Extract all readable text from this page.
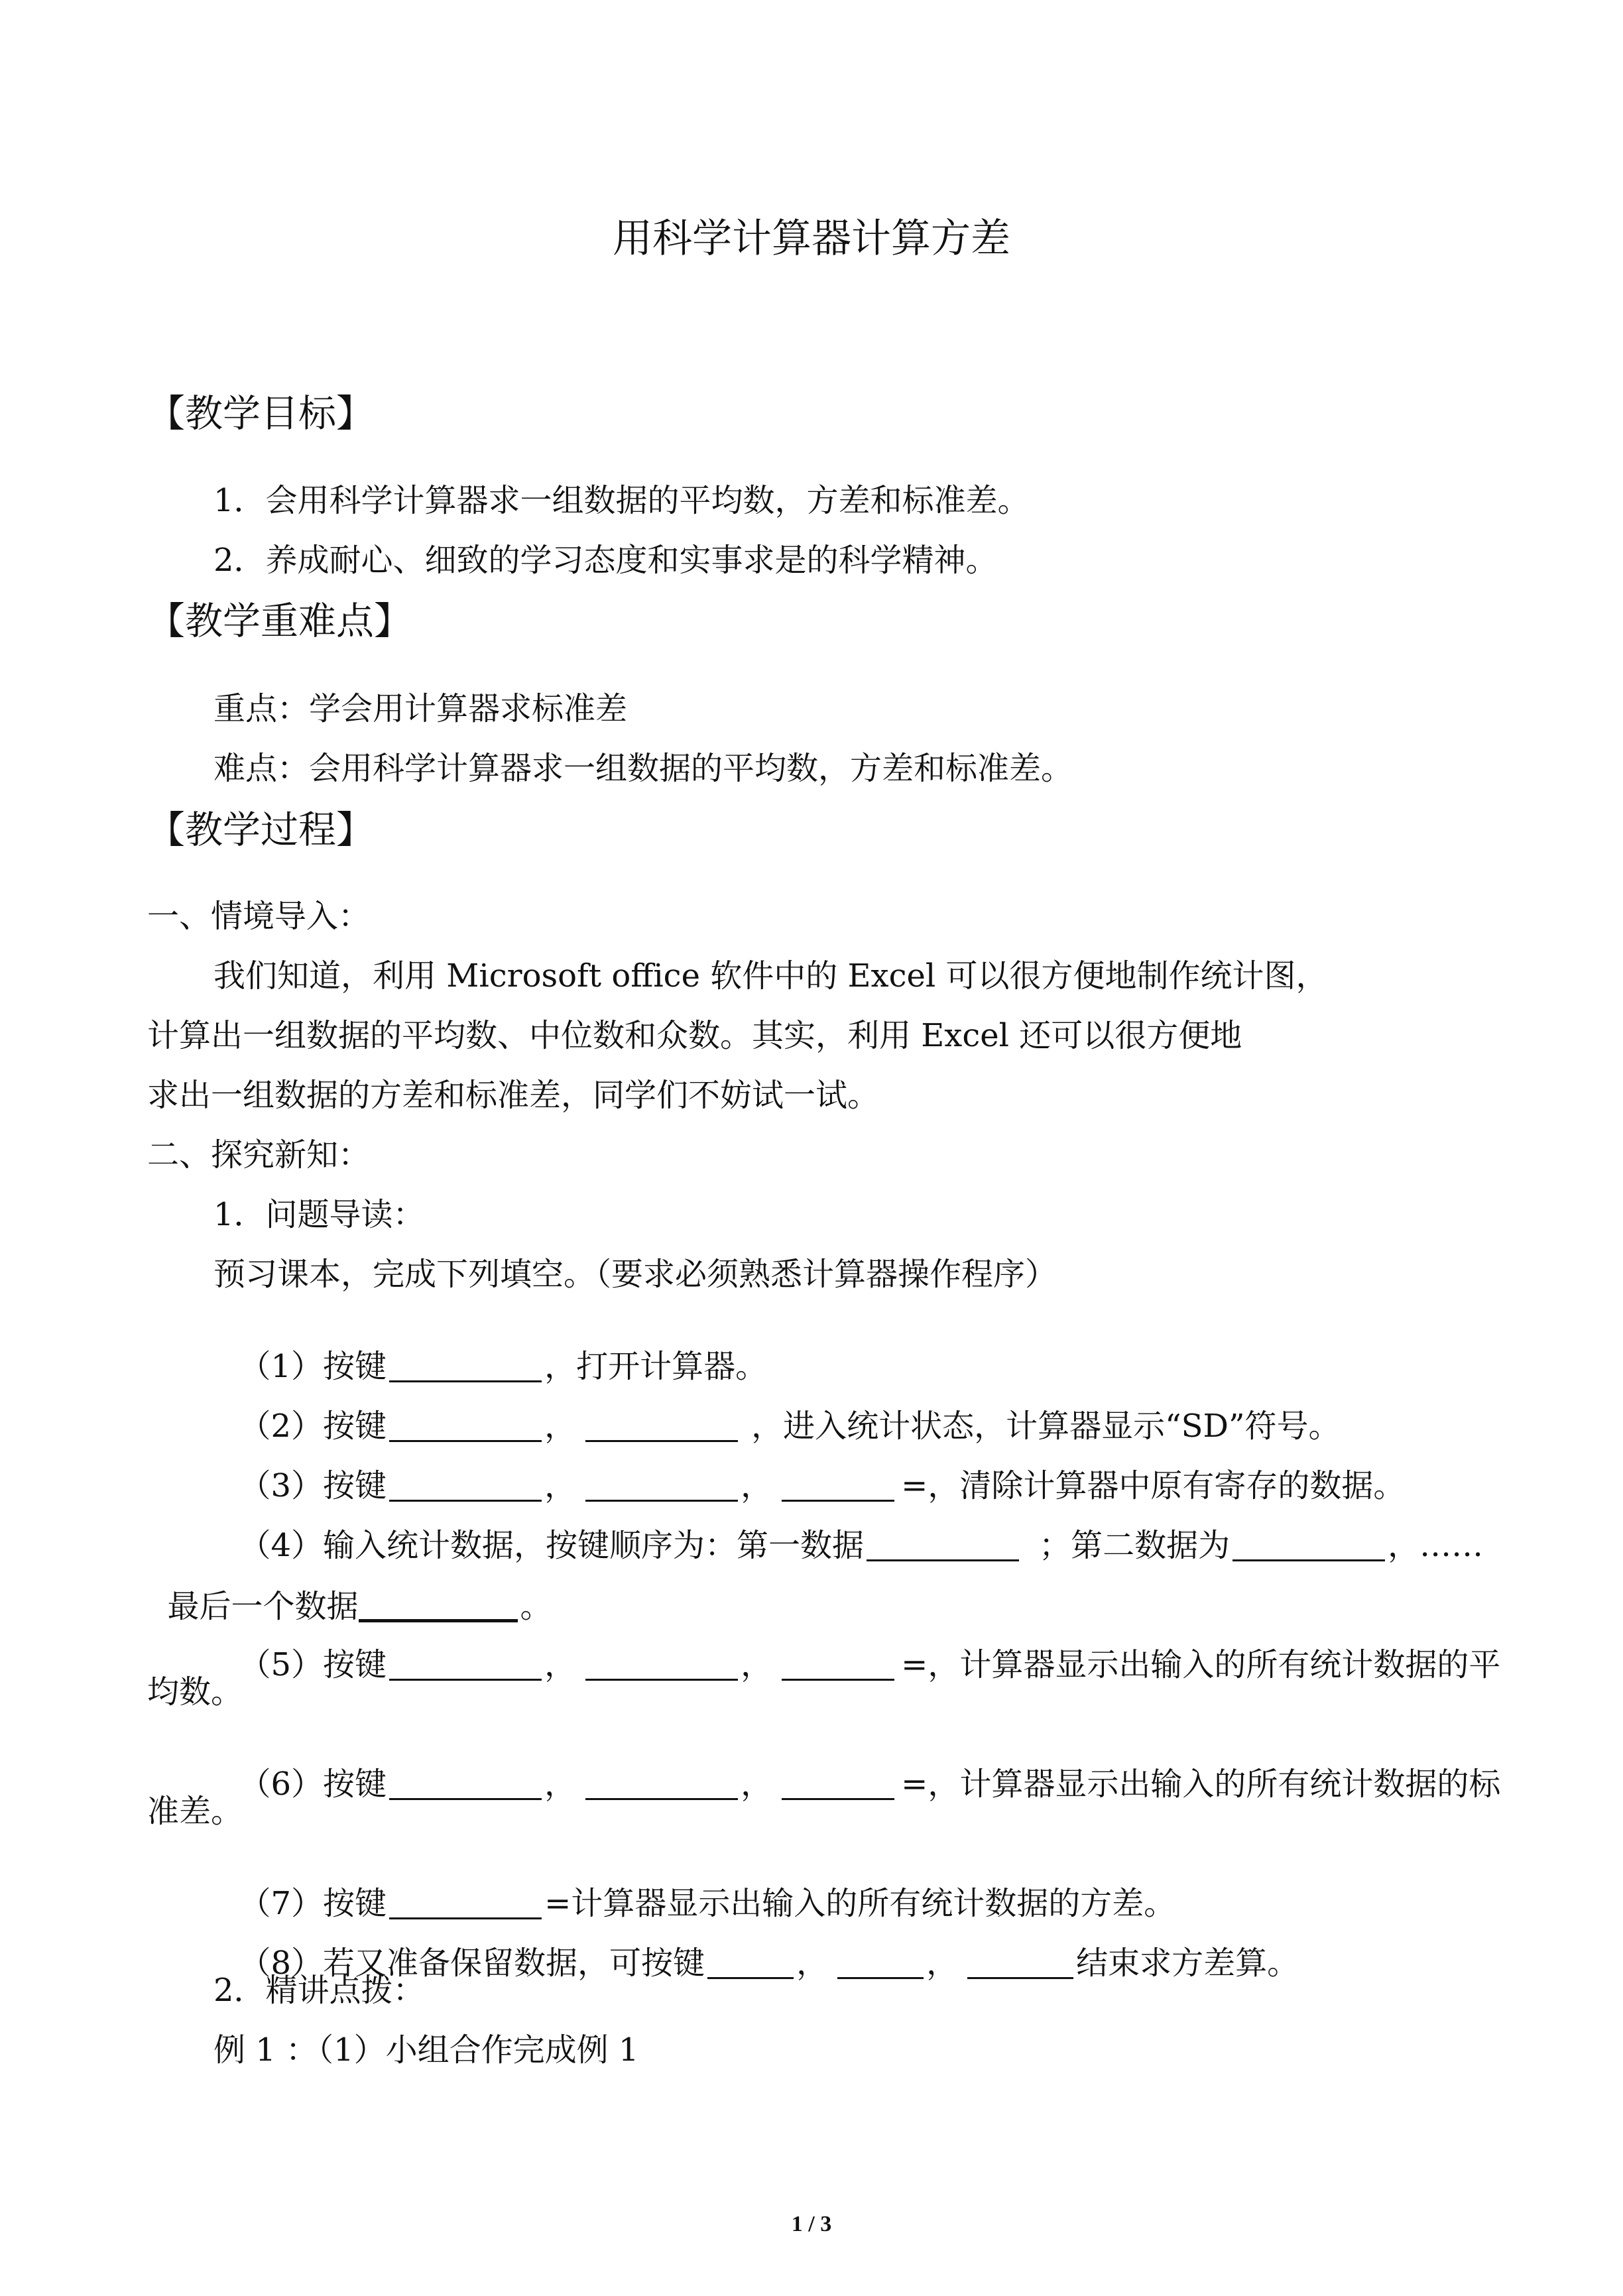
用科学计算器计算方差
【教学目标】
1．会用科学计算器求一组数据的平均数，方差和标准差。
2．养成耐心、细致的学习态度和实事求是的科学精神。
【教学重难点】
重点：学会用计算器求标准差
难点：会用科学计算器求一组数据的平均数，方差和标准差。
【教学过程】
一、情境导入：
我们知道，利用 Microsoft office 软件中的 Excel 可以很方便地制作统计图，
计算出一组数据的平均数、中位数和众数。其实，利用 Excel 还可以很方便地
求出一组数据的方差和标准差，同学们不妨试一试。
二、探究新知：
1．问题导读：
预习课本，完成下列填空。（要求必须熟悉计算器操作程序）

（1）按键	，打开计算器。

（2）按键	，	，进入统计状态，计算器显示“SD”符号。

（3）按键	，	，	=，清除计算器中原有寄存的数据。

（4）输入统计数据，按键顺序为：第一数据	；第二数据为	，……

最后一个数据	。

（5）按键	，	，	=，计算器显示出输入的所有统计数据的平

均数。

（6）按键	，	，	=，计算器显示出输入的所有统计数据的标

准差。

（7）按键	=计算器显示出输入的所有统计数据的方差。

（8）若又准备保留数据，可按键	，	，	结束求方差算。

2．精讲点拨：
例 1 ：（1）小组合作完成例 1
1 / 3
